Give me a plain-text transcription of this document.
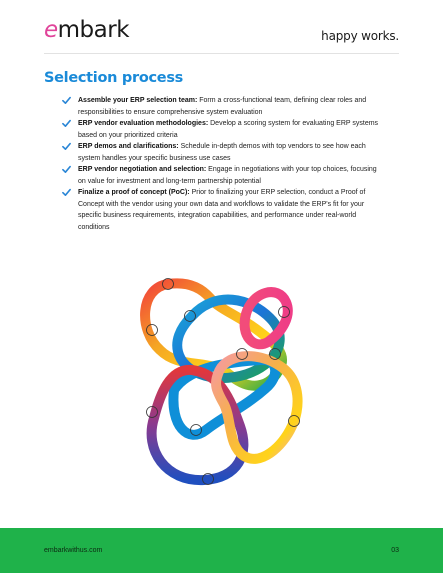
embark	happy works.
Selection process
Assemble your ERP selection team: Form a cross-functional team, defining clear roles and responsibilities to ensure comprehensive system evaluation
ERP vendor evaluation methodologies: Develop a scoring system for evaluating ERP systems based on your prioritized criteria
ERP demos and clarifications: Schedule in-depth demos with top vendors to see how each system handles your specific business use cases
ERP vendor negotiation and selection: Engage in negotiations with your top choices, focusing on value for investment and long-term partnership potential
Finalize a proof of concept (PoC): Prior to finalizing your ERP selection, conduct a Proof of Concept with the vendor using your own data and workflows to validate the ERP's fit for your specific business requirements, integration capabilities, and performance under real-world conditions
embarkwithus.com	03
